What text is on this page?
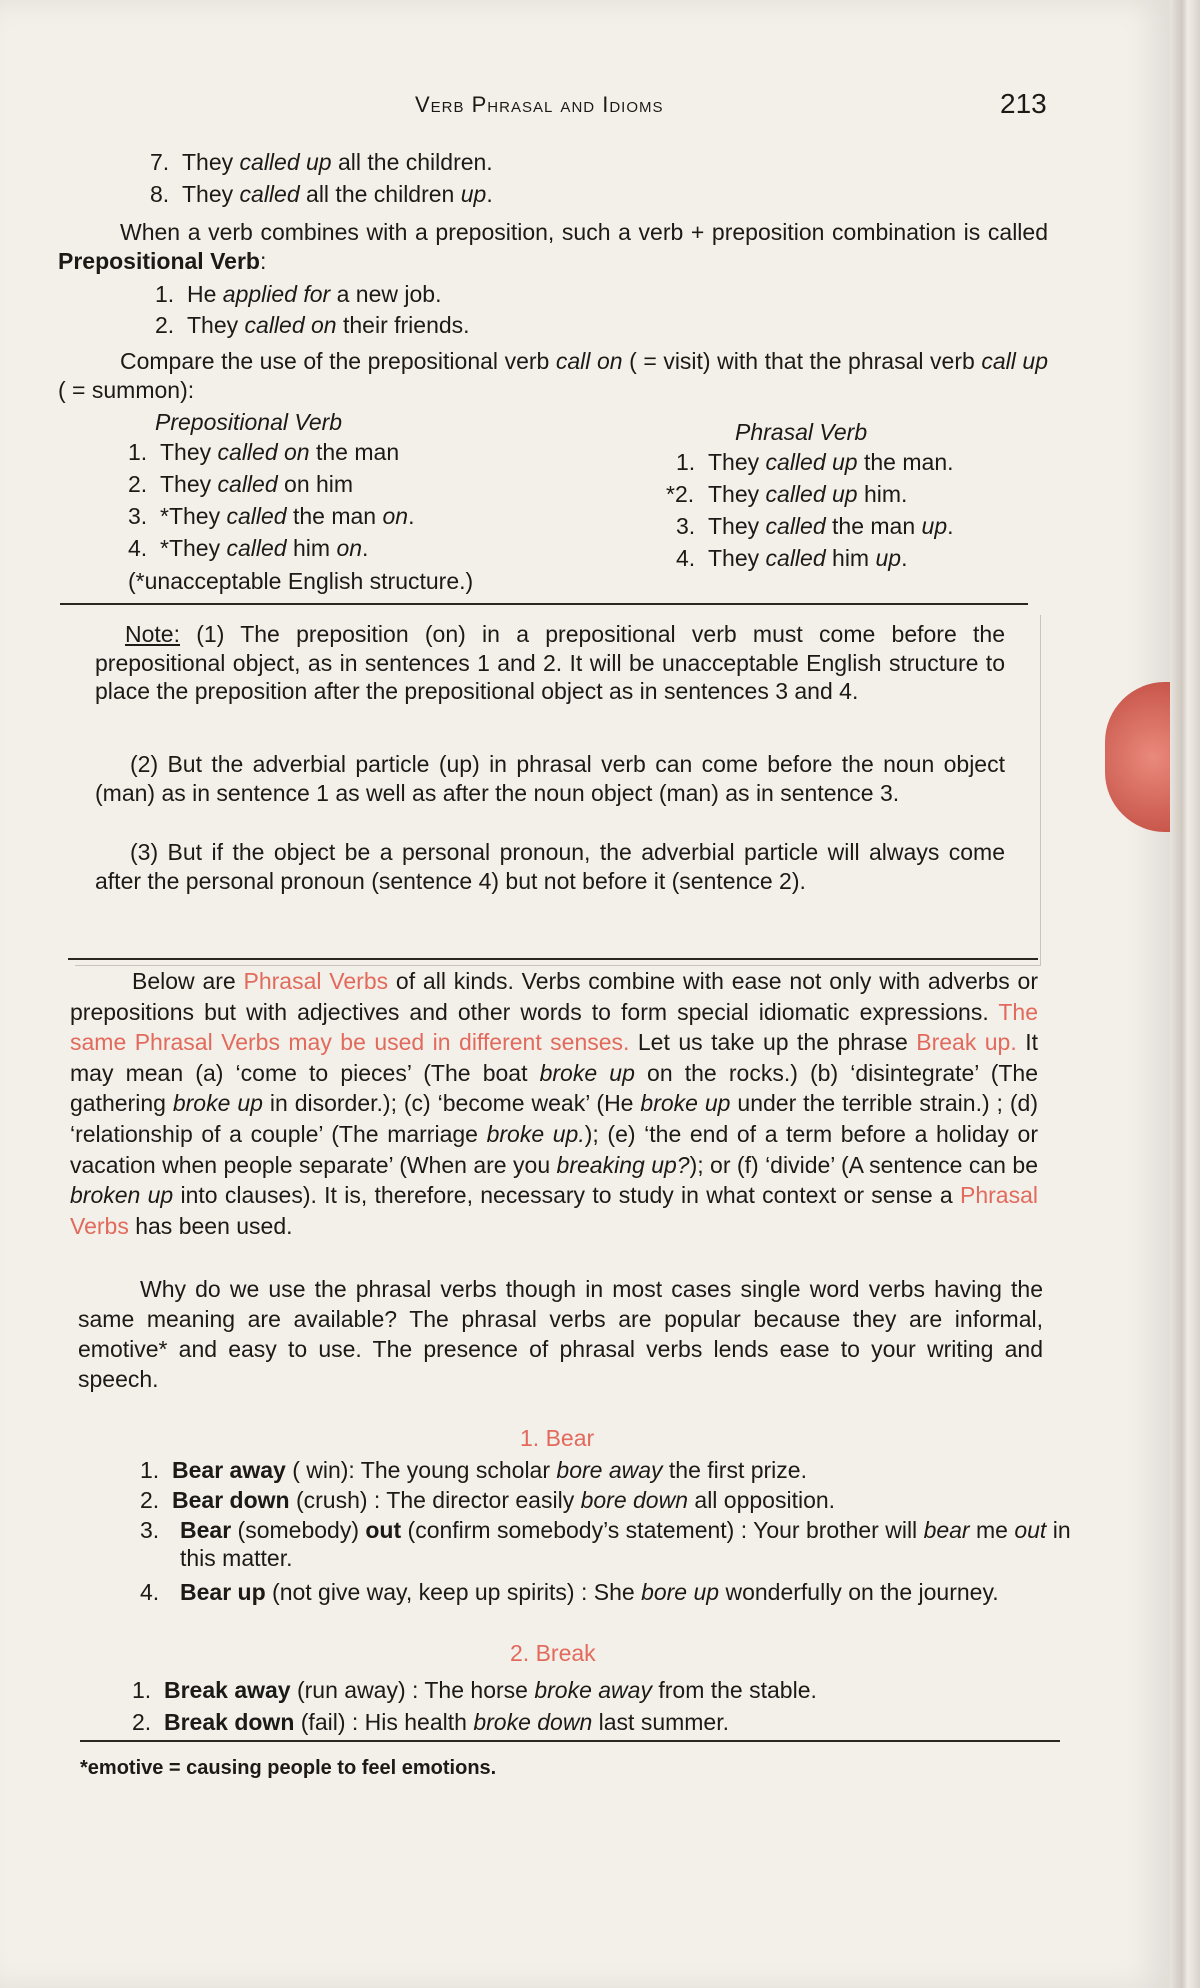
Verb Phrasal and Idioms	213
7. They called up all the children.
8. They called all the children up.
When a verb combines with a preposition, such a verb + preposition combination is called Prepositional Verb:
1. He applied for a new job.
2. They called on their friends.
Compare the use of the prepositional verb call on ( = visit) with that the phrasal verb call up ( = summon):
Prepositional Verb	Phrasal Verb
1. They called on the man
2. They called on him
3. *They called the man on.
4. *They called him on.
(*unacceptable English structure.)
1. They called up the man.
*2. They called up him.
3. They called the man up.
4. They called him up.
Note: (1) The preposition (on) in a prepositional verb must come before the prepositional object, as in sentences 1 and 2. It will be unacceptable English structure to place the preposition after the prepositional object as in sentences 3 and 4.
(2) But the adverbial particle (up) in phrasal verb can come before the noun object (man) as in sentence 1 as well as after the noun object (man) as in sentence 3.
(3) But if the object be a personal pronoun, the adverbial particle will always come after the personal pronoun (sentence 4) but not before it (sentence 2).
Below are Phrasal Verbs of all kinds. Verbs combine with ease not only with adverbs or prepositions but with adjectives and other words to form special idiomatic expressions. The same Phrasal Verbs may be used in different senses. Let us take up the phrase Break up. It may mean (a) ‘come to pieces’ (The boat broke up on the rocks.) (b) ‘disintegrate’ (The gathering broke up in disorder.); (c) ‘become weak’ (He broke up under the terrible strain.) ; (d) ‘relationship of a couple’ (The marriage broke up.); (e) ‘the end of a term before a holiday or vacation when people separate’ (When are you breaking up?); or (f) ‘divide’ (A sentence can be broken up into clauses). It is, therefore, necessary to study in what context or sense a Phrasal Verbs has been used.
Why do we use the phrasal verbs though in most cases single word verbs having the same meaning are available? The phrasal verbs are popular because they are informal, emotive* and easy to use. The presence of phrasal verbs lends ease to your writing and speech.
1. Bear
1. Bear away ( win): The young scholar bore away the first prize.
2. Bear down (crush) : The director easily bore down all opposition.
3. Bear (somebody) out (confirm somebody’s statement) : Your brother will bear me out in this matter.
4. Bear up (not give way, keep up spirits) : She bore up wonderfully on the journey.
2. Break
1. Break away (run away) : The horse broke away from the stable.
2. Break down (fail) : His health broke down last summer.
*emotive = causing people to feel emotions.
